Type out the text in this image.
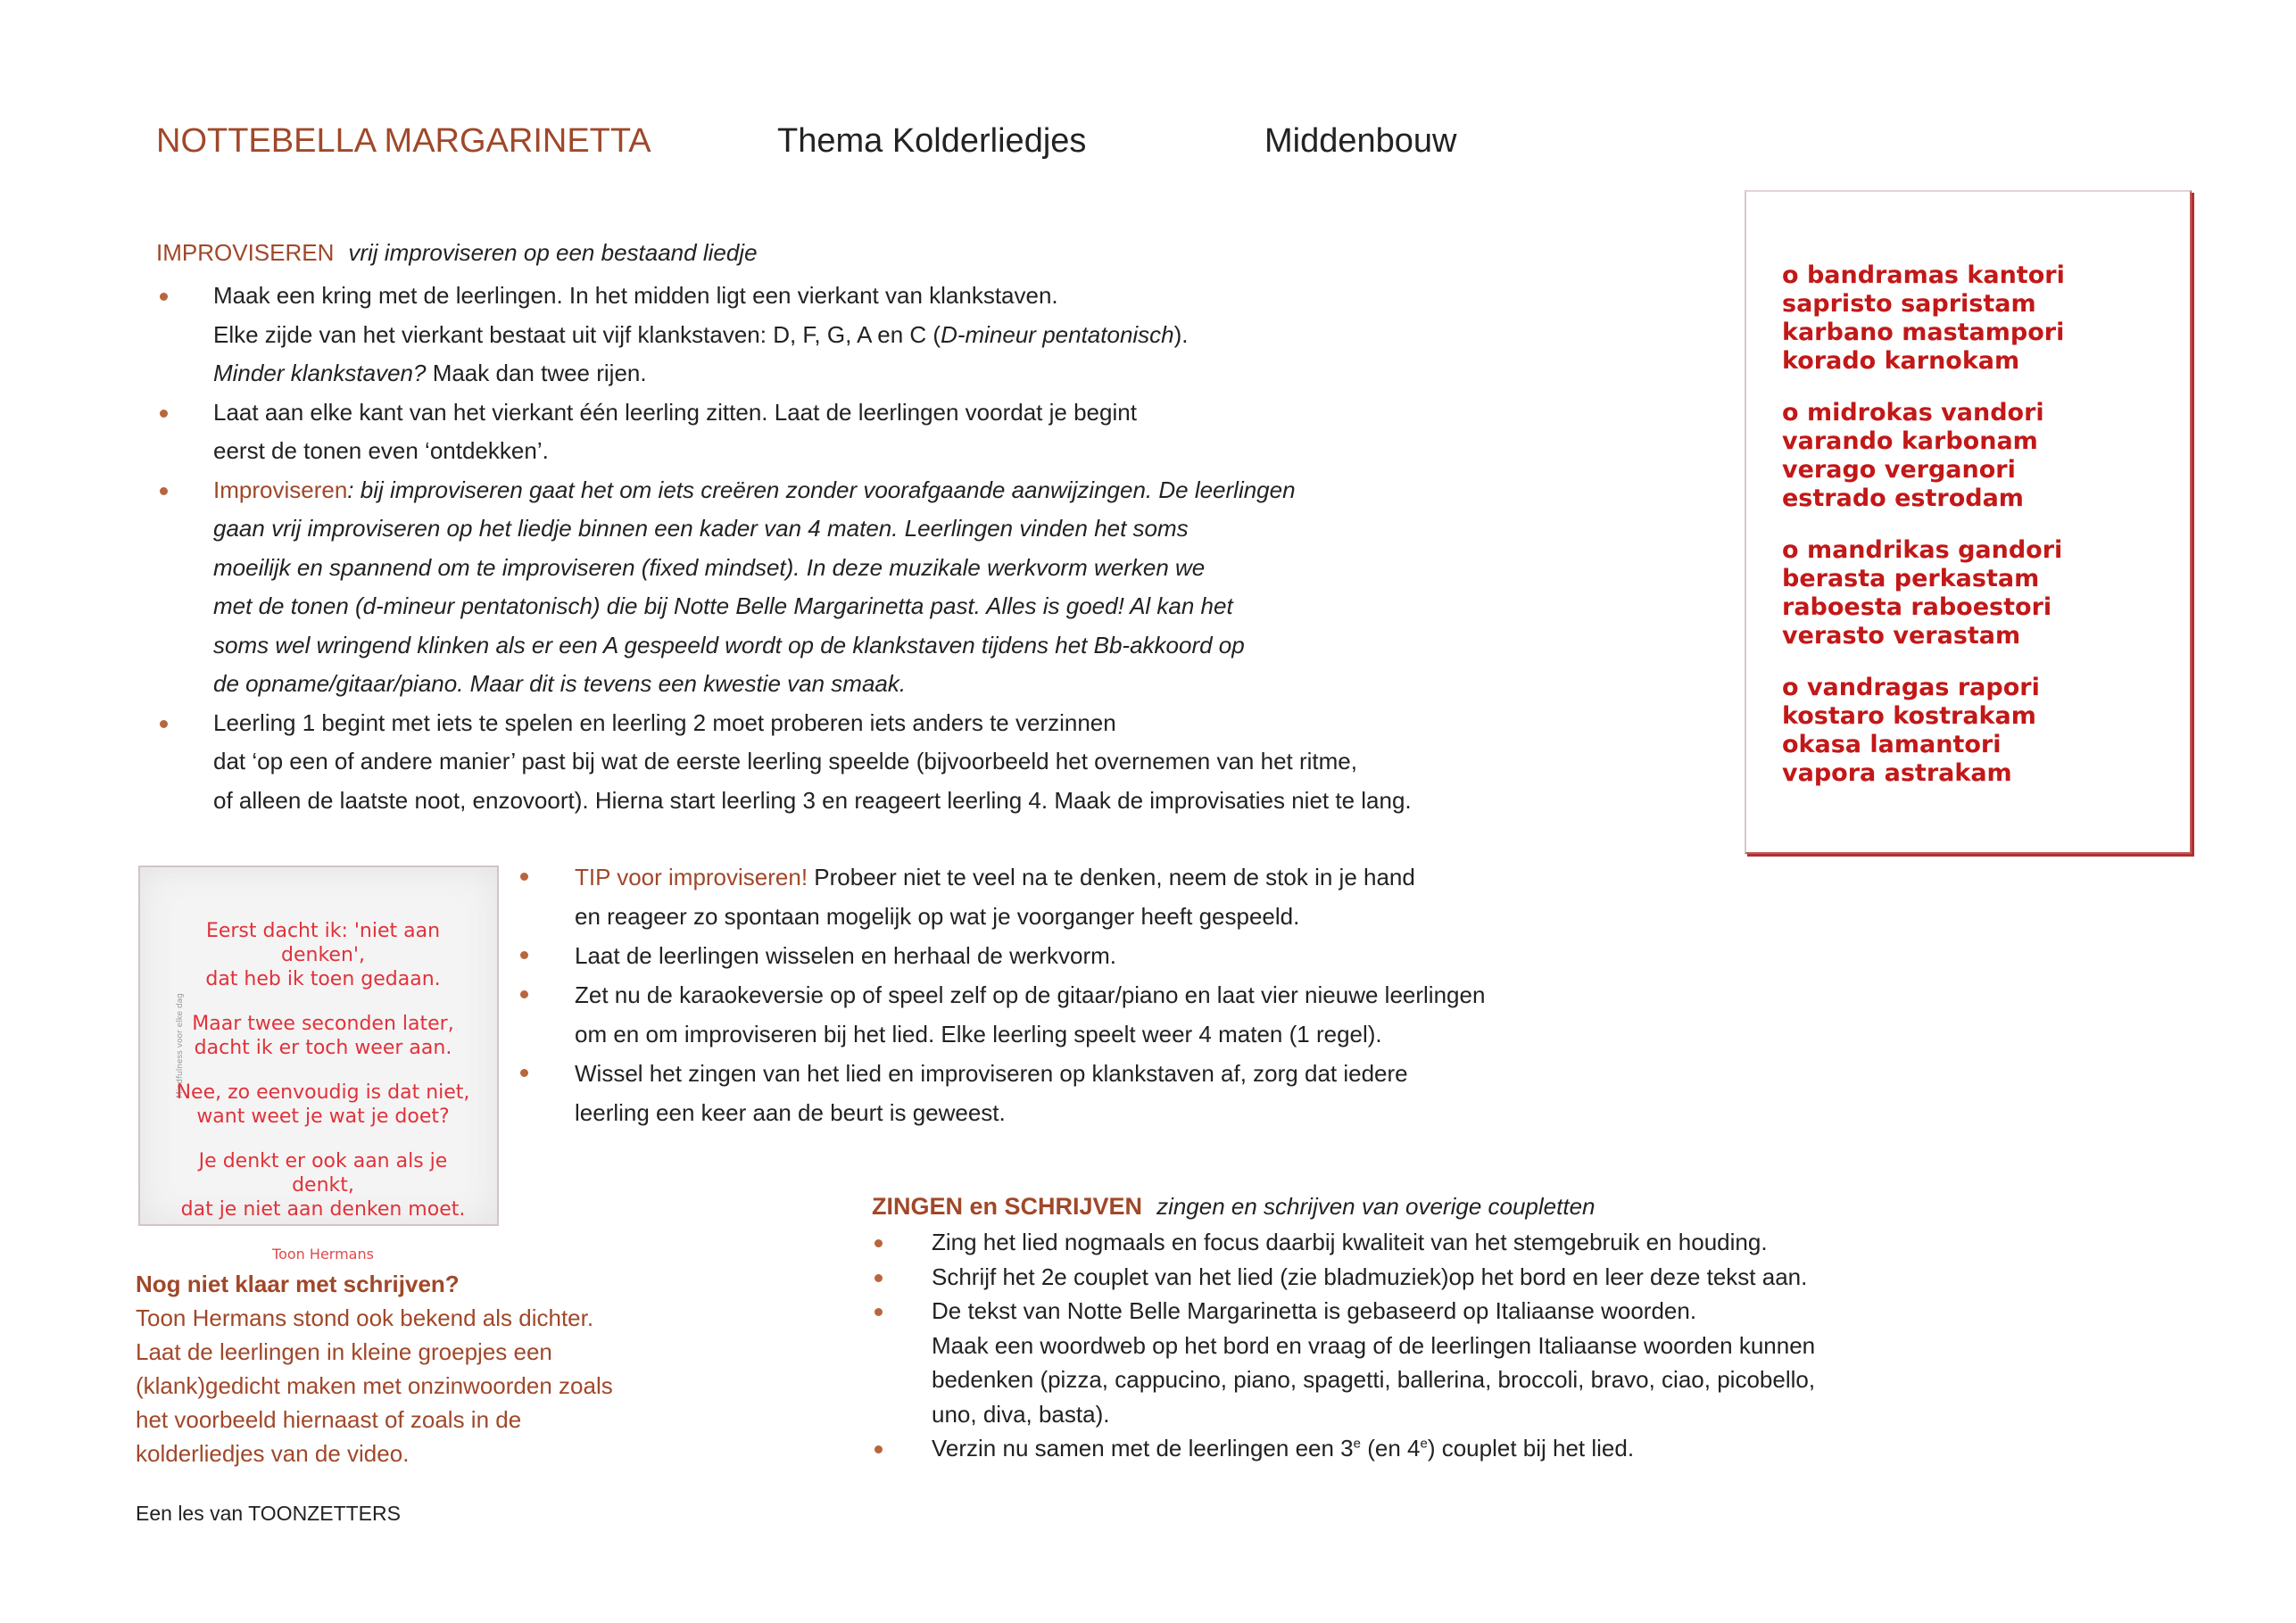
NOTTEBELLA MARGARINETTA	Thema Kolderliedjes	Middenbouw
IMPROVISEREN vrij improviseren op een bestaand liedje
Maak een kring met de leerlingen. In het midden ligt een vierkant van klankstaven.
Elke zijde van het vierkant bestaat uit vijf klankstaven: D, F, G, A en C (D-mineur pentatonisch).
Minder klankstaven? Maak dan twee rijen.
Laat aan elke kant van het vierkant één leerling zitten. Laat de leerlingen voordat je begint
eerst de tonen even ‘ontdekken’.
Improviseren: bij improviseren gaat het om iets creëren zonder voorafgaande aanwijzingen. De leerlingen
gaan vrij improviseren op het liedje binnen een kader van 4 maten. Leerlingen vinden het soms
moeilijk en spannend om te improviseren (fixed mindset). In deze muzikale werkvorm werken we
met de tonen (d-mineur pentatonisch) die bij Notte Belle Margarinetta past. Alles is goed! Al kan het
soms wel wringend klinken als er een A gespeeld wordt op de klankstaven tijdens het Bb-akkoord op
de opname/gitaar/piano. Maar dit is tevens een kwestie van smaak.
Leerling 1 begint met iets te spelen en leerling 2 moet proberen iets anders te verzinnen
dat ‘op een of andere manier’ past bij wat de eerste leerling speelde (bijvoorbeeld het overnemen van het ritme,
of alleen de laatste noot, enzovoort). Hierna start leerling 3 en reageert leerling 4. Maak de improvisaties niet te lang.
o bandramas kantori
sapristo sapristam
karbano mastampori
korado karnokam
o midrokas vandori
varando karbonam
verago verganori
estrado estrodam
o mandrikas gandori
berasta perkastam
raboesta raboestori
verasto verastam
o vandragas rapori
kostaro kostrakam
okasa lamantori
vapora astrakam
Mindfulness voor elke dag

Eerst dacht ik: 'niet aan denken',
dat heb ik toen gedaan.

Maar twee seconden later,
dacht ik er toch weer aan.

Nee, zo eenvoudig is dat niet,
want weet je wat je doet?

Je denkt er ook aan als je denkt,
dat je niet aan denken moet.

Toon Hermans
TIP voor improviseren! Probeer niet te veel na te denken, neem de stok in je hand
en reageer zo spontaan mogelijk op wat je voorganger heeft gespeeld.
Laat de leerlingen wisselen en herhaal de werkvorm.
Zet nu de karaokeversie op of speel zelf op de gitaar/piano en laat vier nieuwe leerlingen
om en om improviseren bij het lied. Elke leerling speelt weer 4 maten (1 regel).
Wissel het zingen van het lied en improviseren op klankstaven af, zorg dat iedere
leerling een keer aan de beurt is geweest.
Nog niet klaar met schrijven?
Toon Hermans stond ook bekend als dichter.
Laat de leerlingen in kleine groepjes een
(klank)gedicht maken met onzinwoorden zoals
het voorbeeld hiernaast of zoals in de
kolderliedjes van de video.
ZINGEN en SCHRIJVEN zingen en schrijven van overige coupletten
Zing het lied nogmaals en focus daarbij kwaliteit van het stemgebruik en houding.
Schrijf het 2e couplet van het lied (zie bladmuziek)op het bord en leer deze tekst aan.
De tekst van Notte Belle Margarinetta is gebaseerd op Italiaanse woorden.
Maak een woordweb op het bord en vraag of de leerlingen Italiaanse woorden kunnen
bedenken (pizza, cappucino, piano, spagetti, ballerina, broccoli, bravo, ciao, picobello,
uno, diva, basta).
Verzin nu samen met de leerlingen een 3e (en 4e) couplet bij het lied.
Een les van TOONZETTERS
